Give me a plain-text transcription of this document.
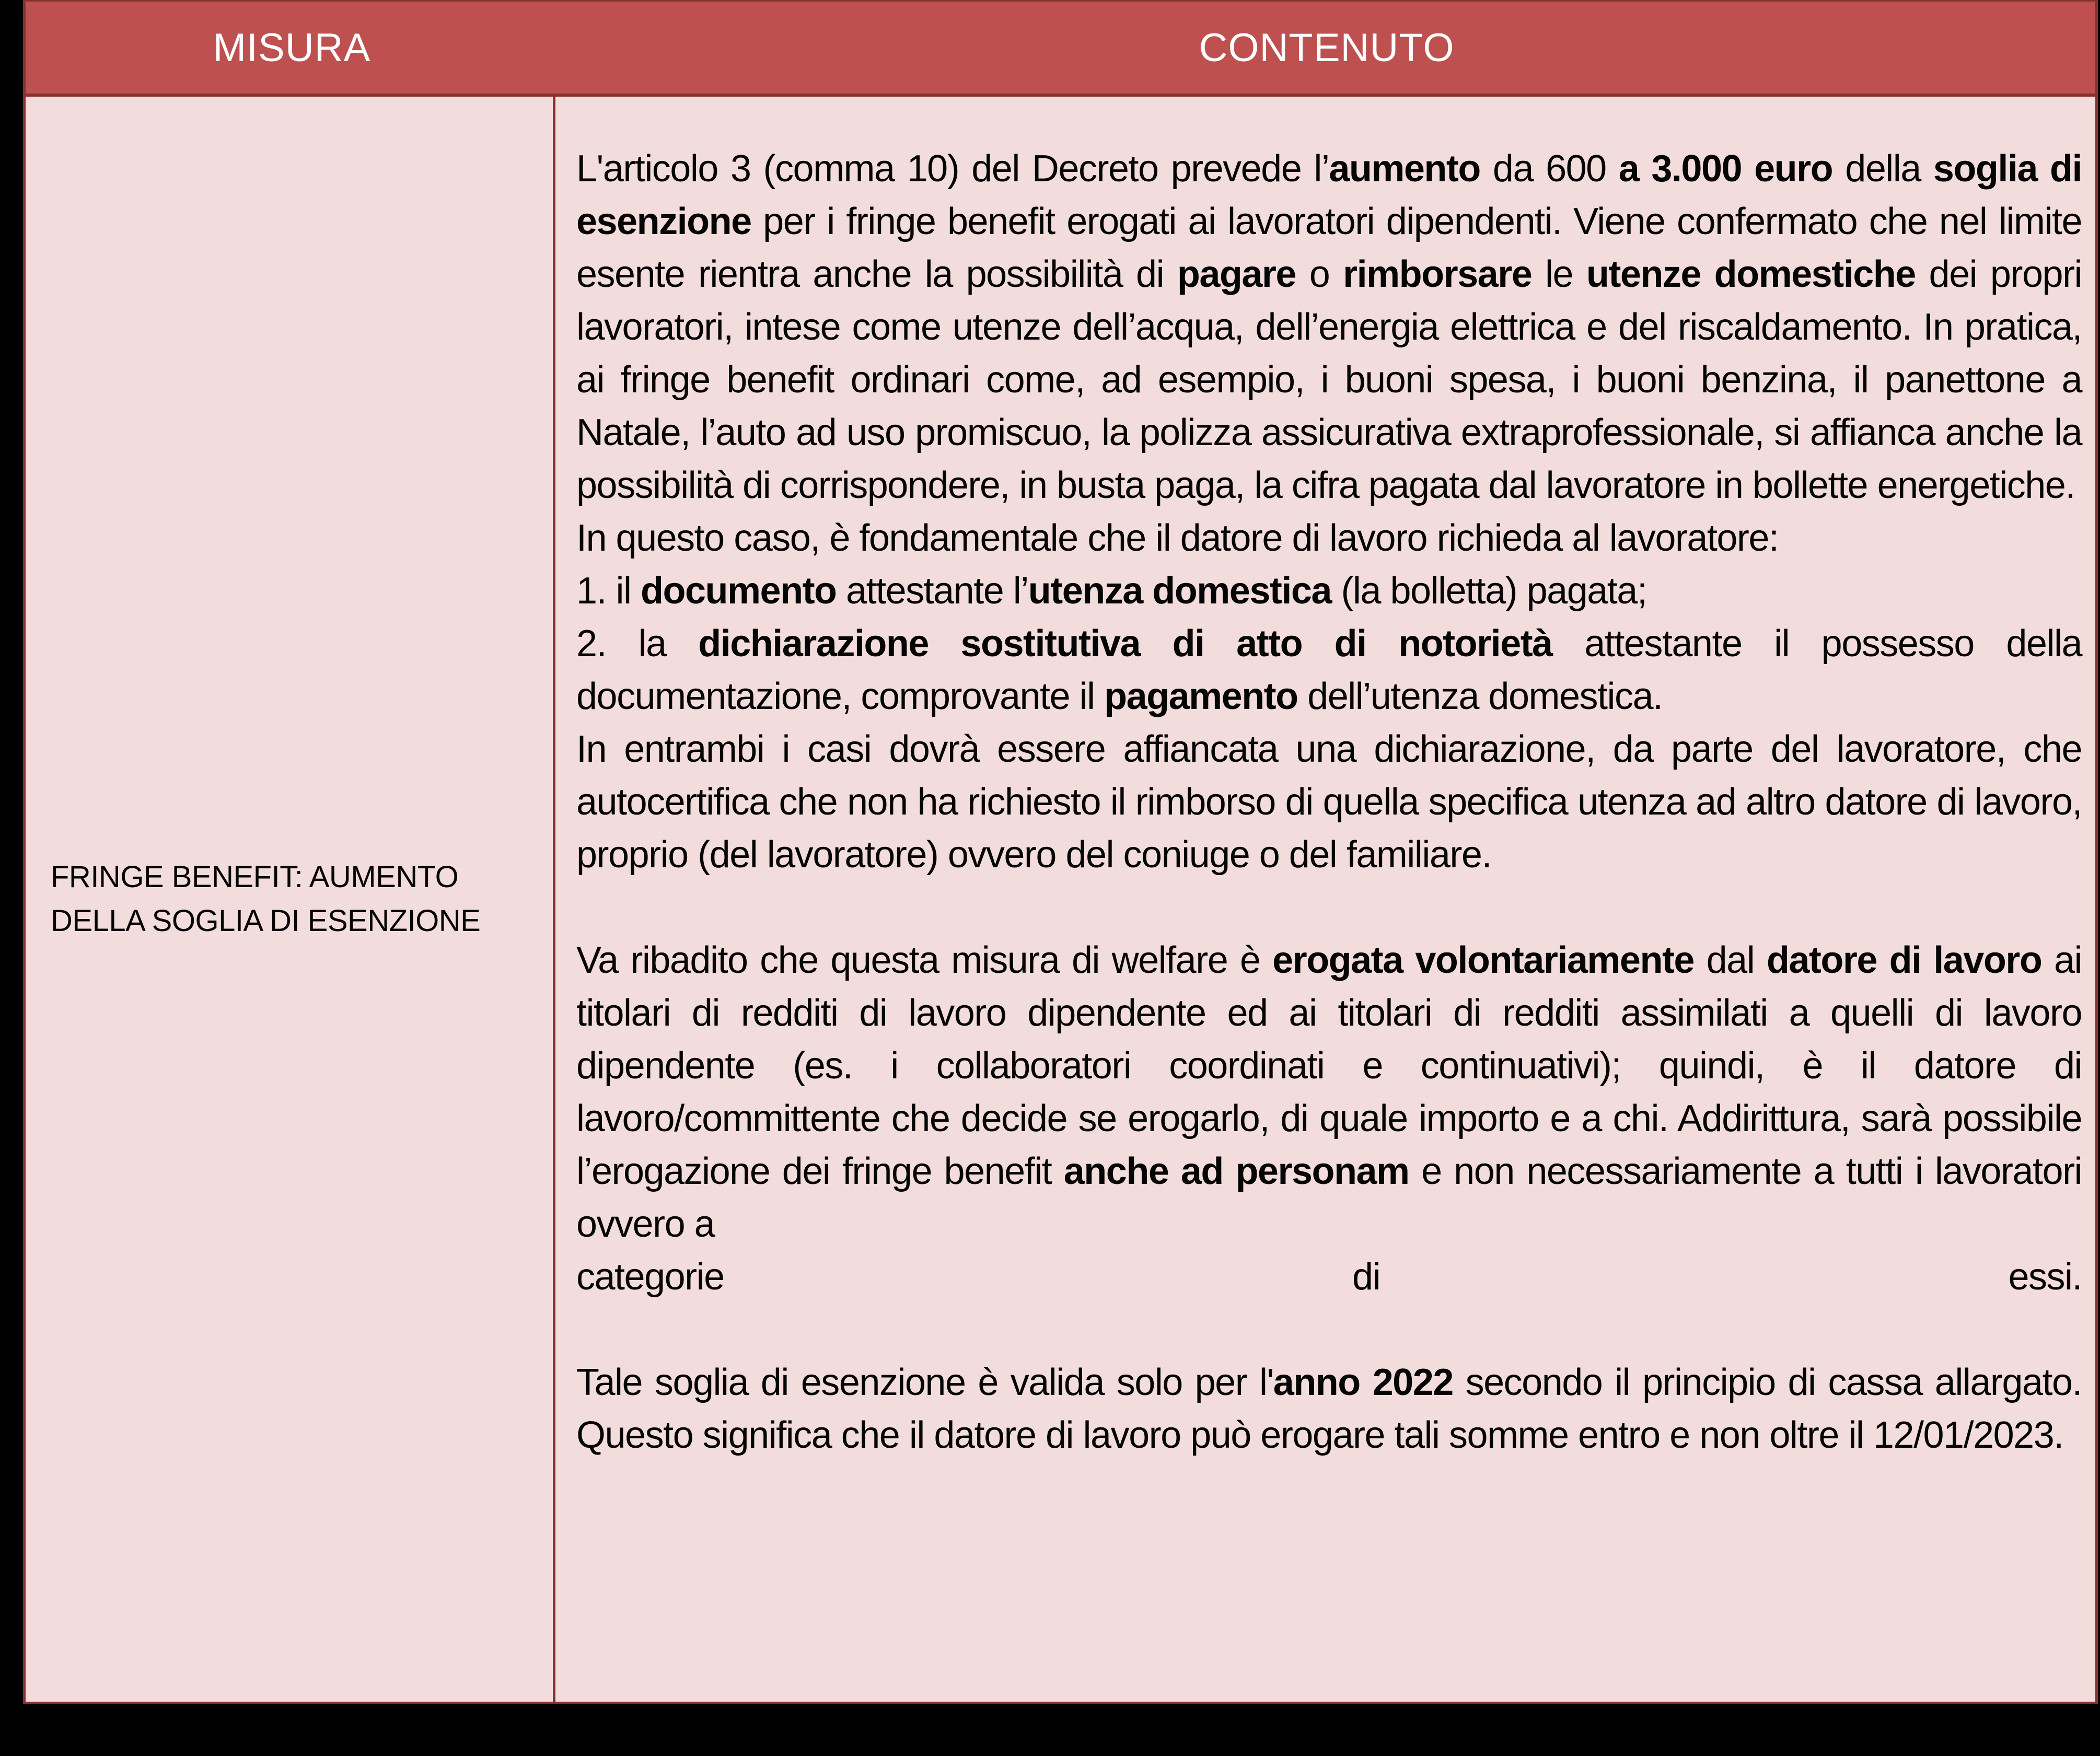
MISURA	CONTENUTO
FRINGE BENEFIT: AUMENTO DELLA SOGLIA DI ESENZIONE

L'articolo 3 (comma 10) del Decreto prevede l’aumento da 600 a 3.000 euro della soglia di esenzione per i fringe benefit erogati ai lavoratori dipendenti. Viene confermato che nel limite esente rientra anche la possibilità di pagare o rimborsare le utenze domestiche dei propri lavoratori, intese come utenze dell’acqua, dell’energia elettrica e del riscaldamento. In pratica, ai fringe benefit ordinari come, ad esempio, i buoni spesa, i buoni benzina, il panettone a Natale, l’auto ad uso promiscuo, la polizza assicurativa extraprofessionale, si affianca anche la possibilità di corrispondere, in busta paga, la cifra pagata dal lavoratore in bollette energetiche.

In questo caso, è fondamentale che il datore di lavoro richieda al lavoratore:

1. il documento attestante l’utenza domestica (la bolletta) pagata;

2. la dichiarazione sostitutiva di atto di notorietà attestante il possesso della documentazione, comprovante il pagamento dell’utenza domestica.

In entrambi i casi dovrà essere affiancata una dichiarazione, da parte del lavoratore, che autocertifica che non ha richiesto il rimborso di quella specifica utenza ad altro datore di lavoro, proprio (del lavoratore) ovvero del coniuge o del familiare.

Va ribadito che questa misura di welfare è erogata volontariamente dal datore di lavoro ai titolari di redditi di lavoro dipendente ed ai titolari di redditi assimilati a quelli di lavoro dipendente (es. i collaboratori coordinati e continuativi); quindi, è il datore di lavoro/committente che decide se erogarlo, di quale importo e a chi. Addirittura, sarà possibile l’erogazione dei fringe benefit anche ad personam e non necessariamente a tutti i lavoratori ovvero a

categorie di essi.

Tale soglia di esenzione è valida solo per l'anno 2022 secondo il principio di cassa allargato. Questo significa che il datore di lavoro può erogare tali somme entro e non oltre il 12/01/2023.
